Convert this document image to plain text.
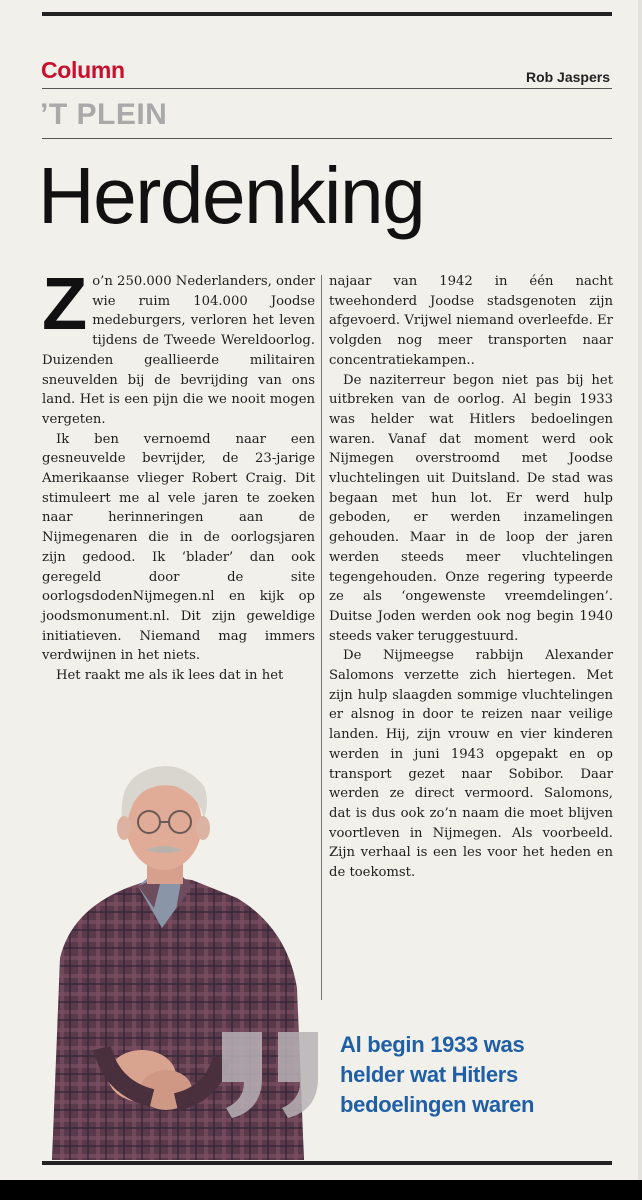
Column	Rob Jaspers
’T PLEIN
Herdenking

Zo’n 250.000 Nederlanders, onder wie ruim 104.000 Joodse medeburgers, verloren het leven tijdens de Tweede Wereldoorlog. Duizenden geallieerde militairen sneuvelden bij de bevrijding van ons land. Het is een pijn die we nooit mogen vergeten.

Ik ben vernoemd naar een gesneuvelde bevrijder, de 23-jarige Amerikaanse vlieger Robert Craig. Dit stimuleert me al vele jaren te zoeken naar herinneringen aan de Nijmegenaren die in de oorlogsjaren zijn gedood. Ik ‘blader’ dan ook geregeld door de site oorlogsdodenNijmegen.nl en kijk op joodsmonument.nl. Dit zijn geweldige initiatieven. Niemand mag immers verdwijnen in het niets.

Het raakt me als ik lees dat in het

najaar van 1942 in één nacht tweehonderd Joodse stadsgenoten zijn afgevoerd. Vrijwel niemand overleefde. Er volgden nog meer transporten naar concentratiekampen..

De naziterreur begon niet pas bij het uitbreken van de oorlog. Al begin 1933 was helder wat Hitlers bedoelingen waren. Vanaf dat moment werd ook Nijmegen overstroomd met Joodse vluchtelingen uit Duitsland. De stad was begaan met hun lot. Er werd hulp geboden, er werden inzamelingen gehouden. Maar in de loop der jaren werden steeds meer vluchtelingen tegengehouden. Onze regering typeerde ze als ‘ongewenste vreemdelingen’. Duitse Joden werden ook nog begin 1940 steeds vaker teruggestuurd.

De Nijmeegse rabbijn Alexander Salomons verzette zich hiertegen. Met zijn hulp slaagden sommige vluchtelingen er alsnog in door te reizen naar veilige landen. Hij, zijn vrouw en vier kinderen werden in juni 1943 opgepakt en op transport gezet naar Sobibor. Daar werden ze direct vermoord. Salomons, dat is dus ook zo’n naam die moet blijven voortleven in Nijmegen. Als voorbeeld. Zijn verhaal is een les voor het heden en de toekomst.

Al begin 1933 was
helder wat Hitlers
bedoelingen waren
